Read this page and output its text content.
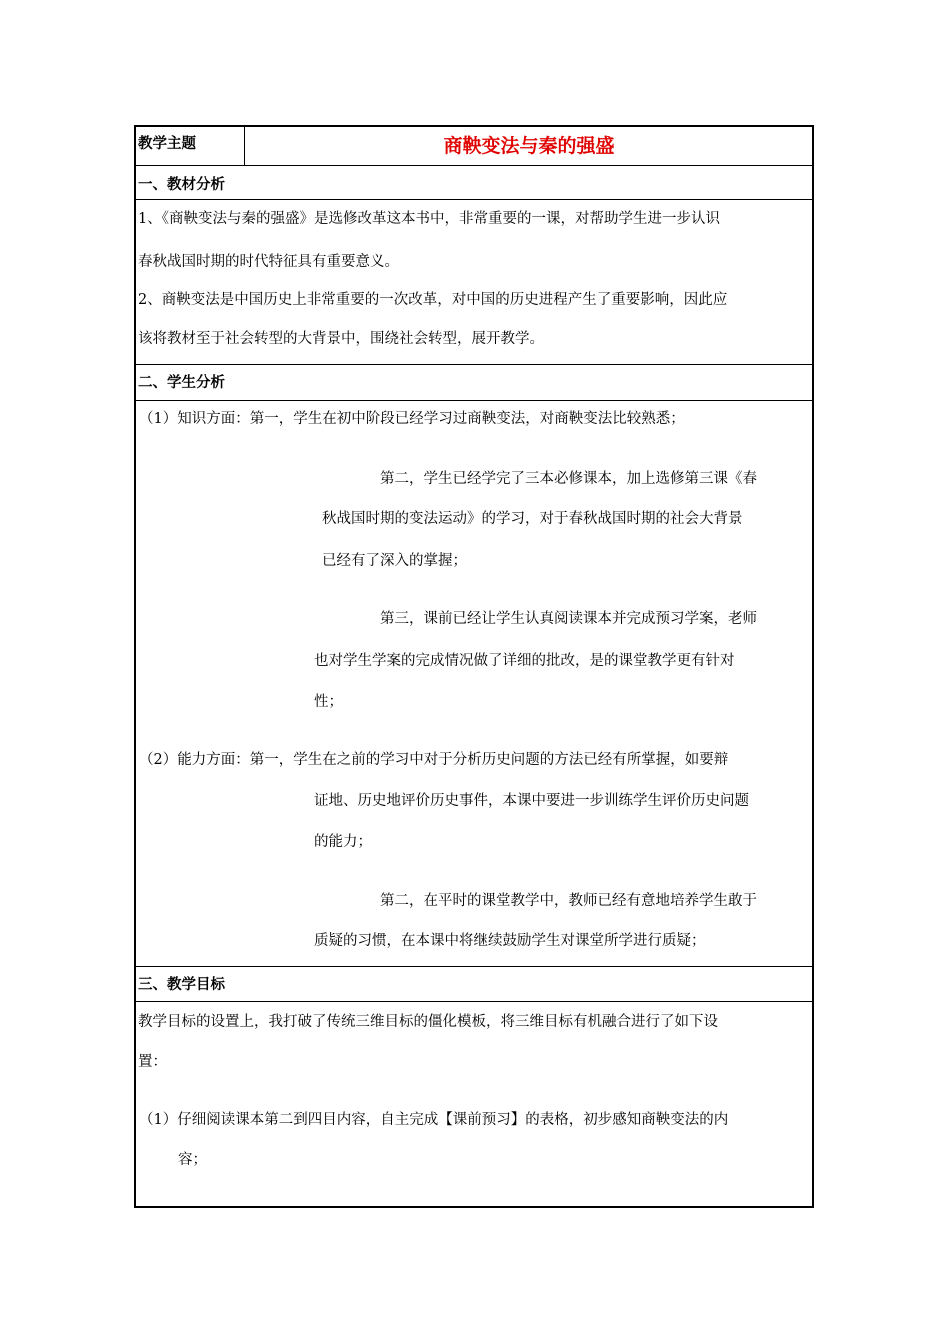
教学主题	商鞅变法与秦的强盛
一、教材分析
1、《商鞅变法与秦的强盛》是选修改革这本书中，非常重要的一课，对帮助学生进一步认识
春秋战国时期的时代特征具有重要意义。
2、商鞅变法是中国历史上非常重要的一次改革，对中国的历史进程产生了重要影响，因此应
该将教材至于社会转型的大背景中，围绕社会转型，展开教学。
二、学生分析
（1）知识方面：第一，学生在初中阶段已经学习过商鞅变法，对商鞅变法比较熟悉；
第二，学生已经学完了三本必修课本，加上选修第三课《春
秋战国时期的变法运动》的学习，对于春秋战国时期的社会大背景
已经有了深入的掌握；
第三，课前已经让学生认真阅读课本并完成预习学案，老师
也对学生学案的完成情况做了详细的批改，是的课堂教学更有针对
性；
（2）能力方面：第一，学生在之前的学习中对于分析历史问题的方法已经有所掌握，如要辩
证地、历史地评价历史事件，本课中要进一步训练学生评价历史问题
的能力；
第二，在平时的课堂教学中，教师已经有意地培养学生敢于
质疑的习惯，在本课中将继续鼓励学生对课堂所学进行质疑；
三、教学目标
教学目标的设置上，我打破了传统三维目标的僵化模板，将三维目标有机融合进行了如下设
置：
（1）仔细阅读课本第二到四目内容，自主完成【课前预习】的表格，初步感知商鞅变法的内
容；
